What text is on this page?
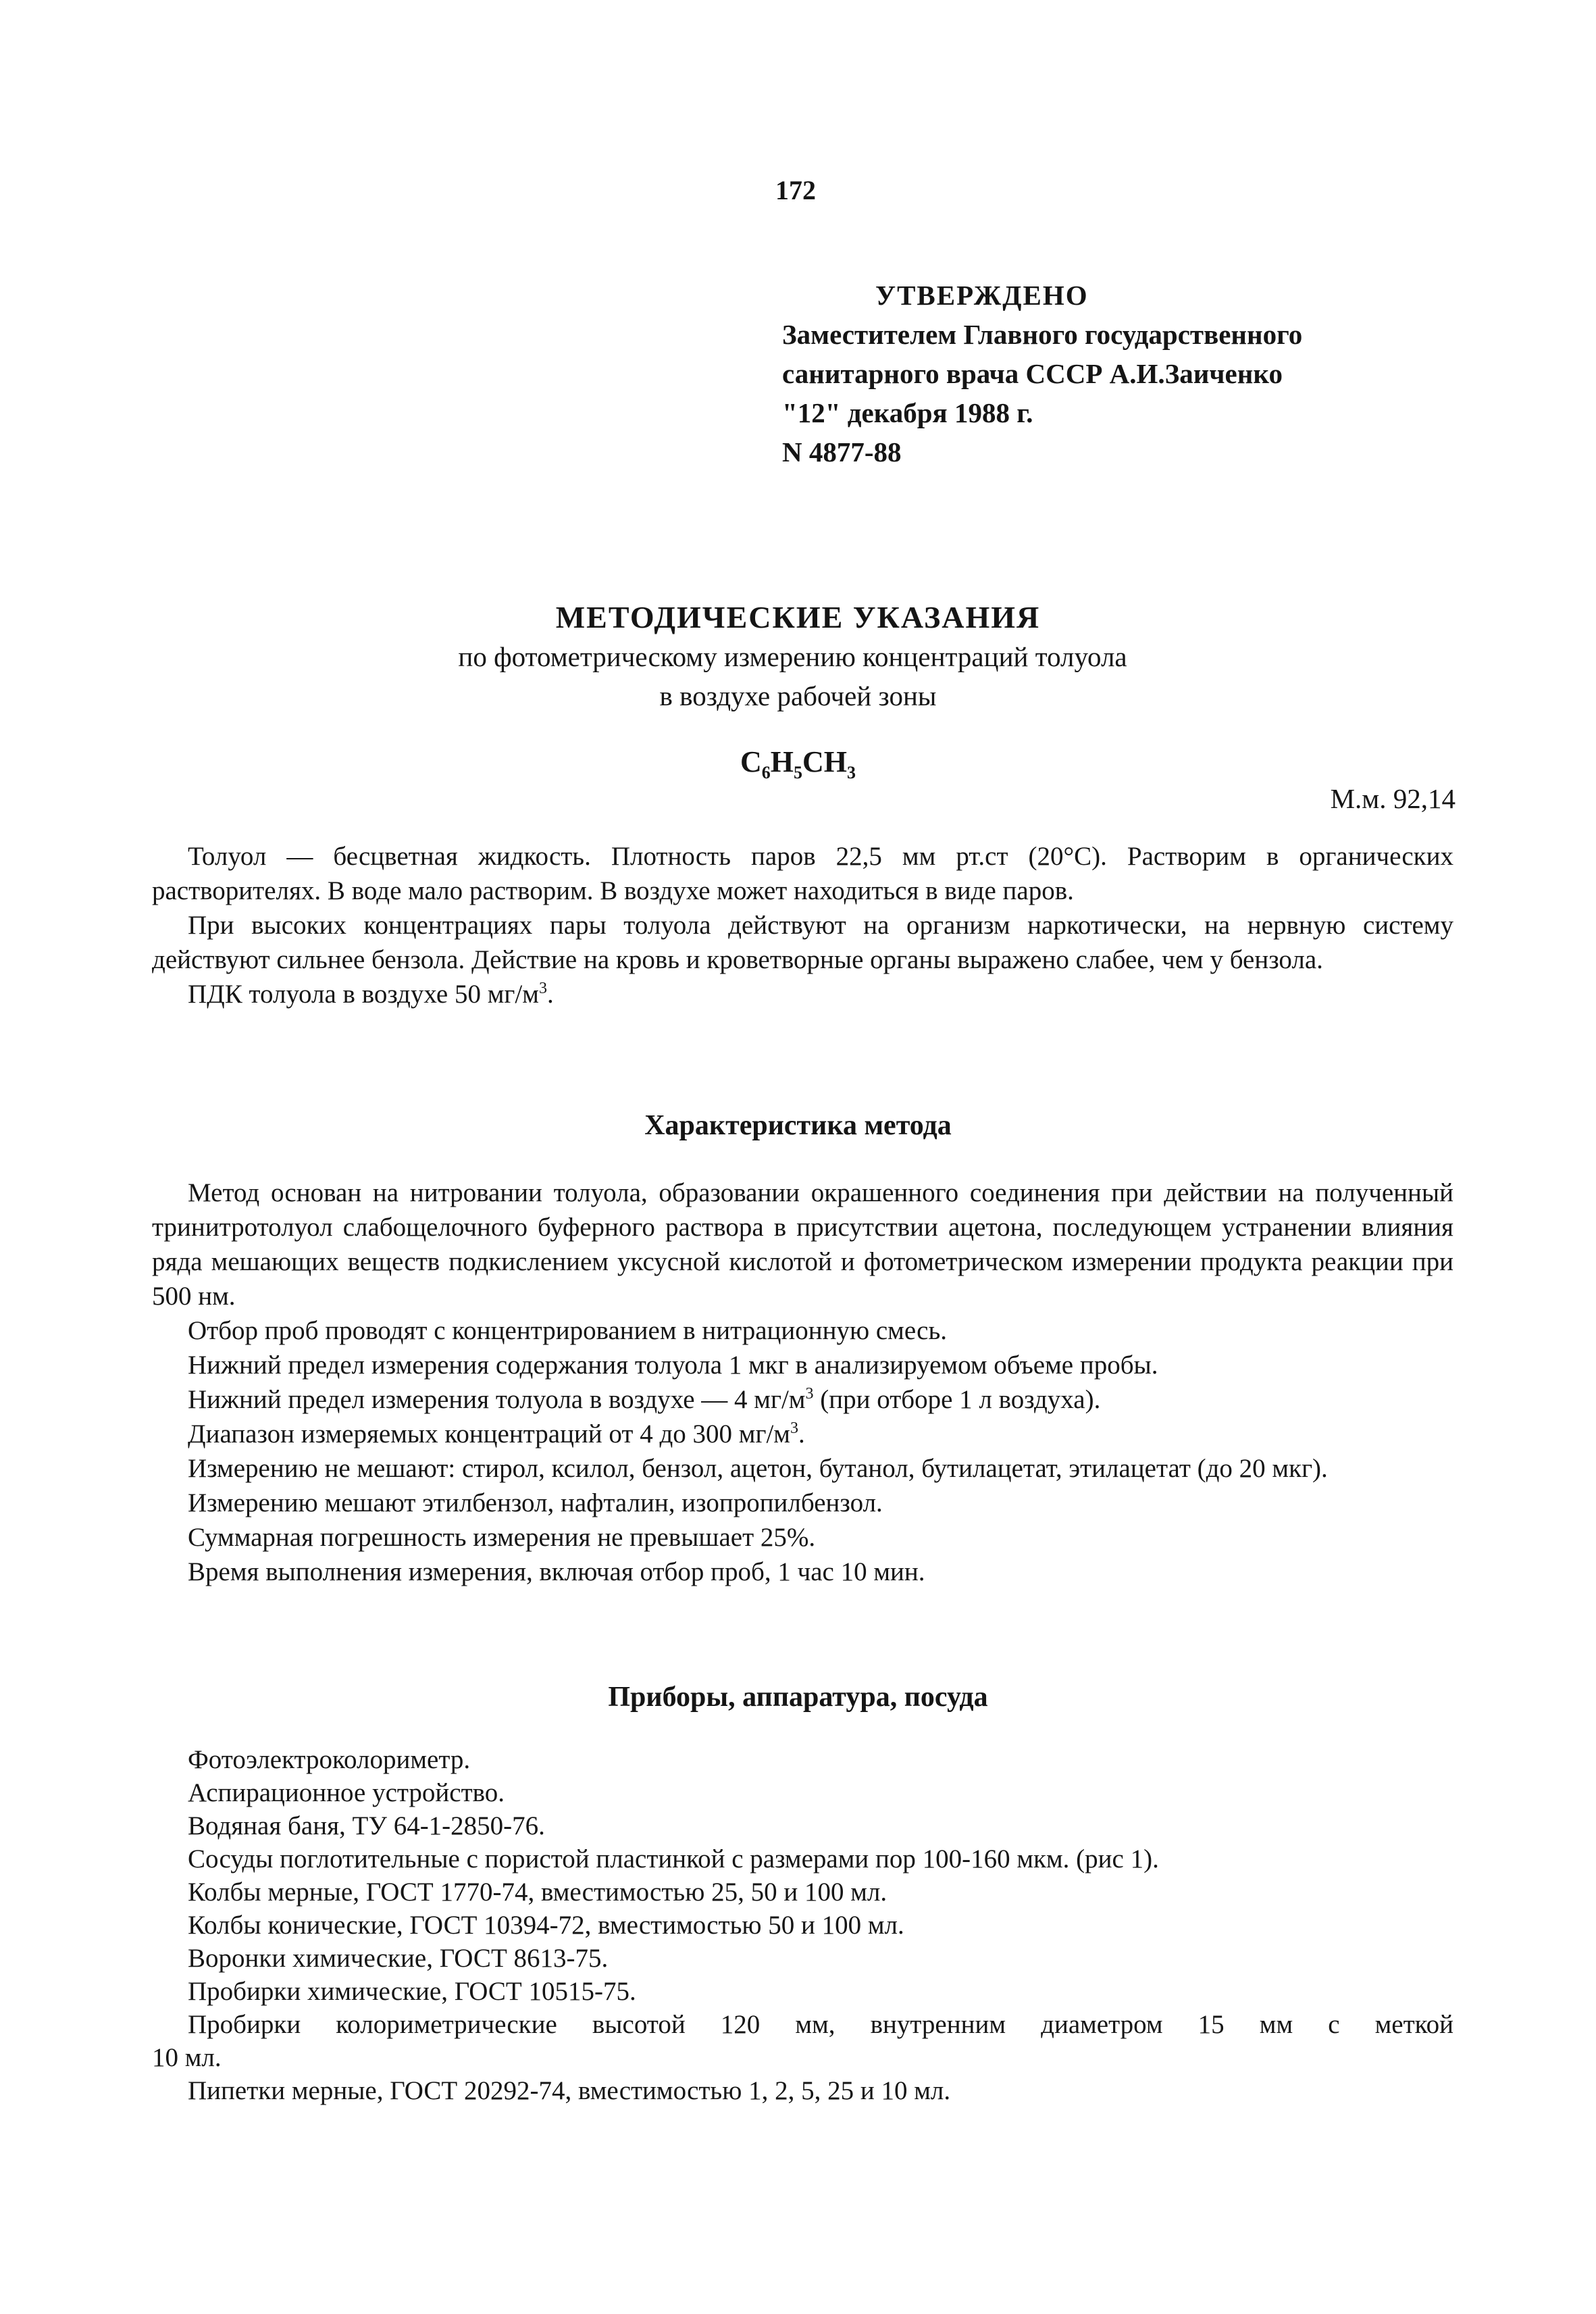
172
УТВЕРЖДЕНО
Заместителем Главного государственного
санитарного врача СССР А.И.Заиченко
"12" декабря 1988 г.
N 4877-88
МЕТОДИЧЕСКИЕ УКАЗАНИЯ
по фотометрическому измерению концентраций толуола
в воздухе рабочей зоны
$C_6H_5CH_3$
М.м. 92,14

Толуол — бесцветная жидкость. Плотность паров 22,5 мм рт.ст (20°С). Растворим в органических растворителях. В воде мало растворим. В воздухе может находиться в виде паров.

При высоких концентрациях пары толуола действуют на организм наркотически, на нервную систему действуют сильнее бензола. Действие на кровь и кроветворные органы выражено слабее, чем у бензола.

ПДК толуола в воздухе 50 $мг/м^3$.

Характеристика метода

Метод основан на нитровании толуола, образовании окрашенного соединения при действии на полученный тринитротолуол слабощелочного буферного раствора в присутствии ацетона, последующем устранении влияния ряда мешающих веществ подкислением уксусной кислотой и фотометрическом измерении продукта реакции при 500 нм.

Отбор проб проводят с концентрированием в нитрационную смесь.

Нижний предел измерения содержания толуола 1 мкг в анализируемом объеме пробы.

Нижний предел измерения толуола в воздухе — 4 $мг/м^3$ (при отборе 1 л воздуха).

Диапазон измеряемых концентраций от 4 до 300 $мг/м^3$.

Измерению не мешают: стирол, ксилол, бензол, ацетон, бутанол, бутилацетат, этилацетат (до 20 мкг).

Измерению мешают этилбензол, нафталин, изопропилбензол.

Суммарная погрешность измерения не превышает 25%.

Время выполнения измерения, включая отбор проб, 1 час 10 мин.

Приборы, аппаратура, посуда

Фотоэлектроколориметр.

Аспирационное устройство.

Водяная баня, ТУ 64-1-2850-76.

Сосуды поглотительные с пористой пластинкой с размерами пор 100-160 мкм. (рис 1).

Колбы мерные, ГОСТ 1770-74, вместимостью 25, 50 и 100 мл.

Колбы конические, ГОСТ 10394-72, вместимостью 50 и 100 мл.

Воронки химические, ГОСТ 8613-75.

Пробирки химические, ГОСТ 10515-75.

Пробирки колориметрические высотой 120 мм, внутренним диаметром 15 мм с меткой

10 мл.

Пипетки мерные, ГОСТ 20292-74, вместимостью 1, 2, 5, 25 и 10 мл.
